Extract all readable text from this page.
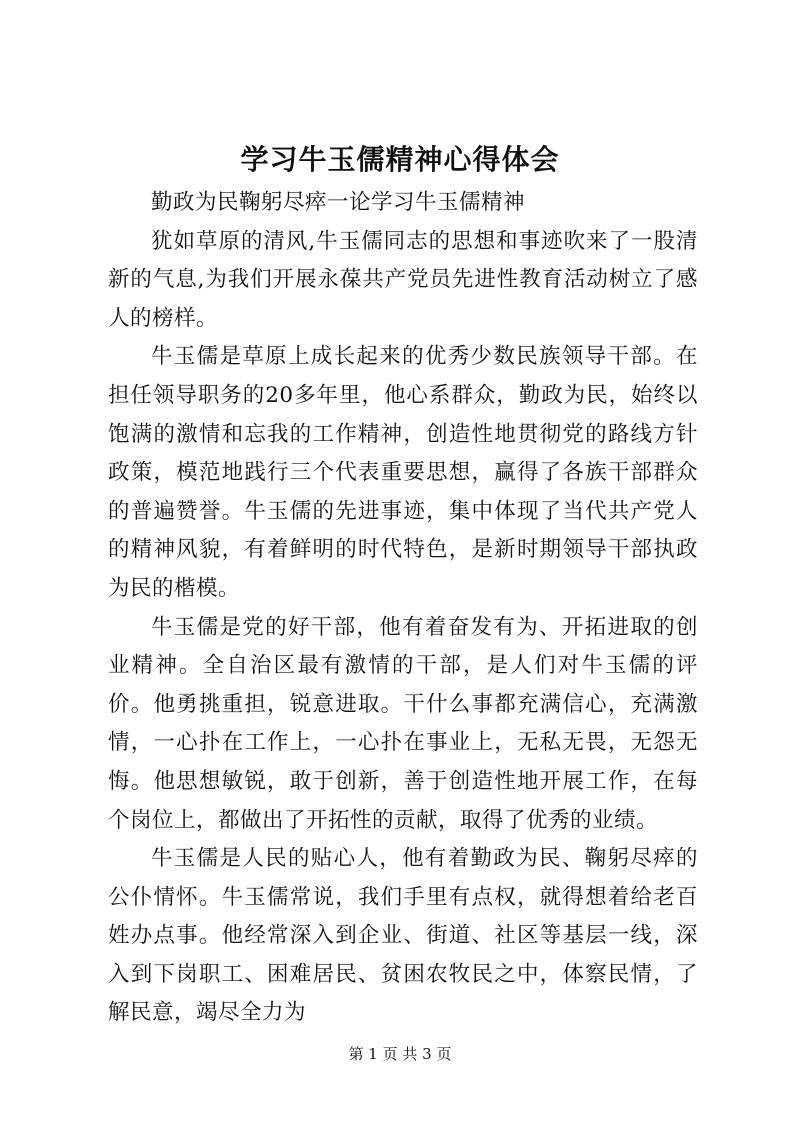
学习牛玉儒精神心得体会

勤政为民鞠躬尽瘁一论学习牛玉儒精神

犹如草原的清风,牛玉儒同志的思想和事迹吹来了一股清新的气息,为我们开展永葆共产党员先进性教育活动树立了感人的榜样。

牛玉儒是草原上成长起来的优秀少数民族领导干部。在担任领导职务的20多年里，他心系群众，勤政为民，始终以饱满的激情和忘我的工作精神，创造性地贯彻党的路线方针政策，模范地践行三个代表重要思想，赢得了各族干部群众的普遍赞誉。牛玉儒的先进事迹，集中体现了当代共产党人的精神风貌，有着鲜明的时代特色，是新时期领导干部执政为民的楷模。

牛玉儒是党的好干部，他有着奋发有为、开拓进取的创业精神。全自治区最有激情的干部，是人们对牛玉儒的评价。他勇挑重担，锐意进取。干什么事都充满信心，充满激情，一心扑在工作上，一心扑在事业上，无私无畏，无怨无悔。他思想敏锐，敢于创新，善于创造性地开展工作，在每个岗位上，都做出了开拓性的贡献，取得了优秀的业绩。

牛玉儒是人民的贴心人，他有着勤政为民、鞠躬尽瘁的公仆情怀。牛玉儒常说，我们手里有点权，就得想着给老百姓办点事。他经常深入到企业、街道、社区等基层一线，深入到下岗职工、困难居民、贫困农牧民之中，体察民情，了解民意，竭尽全力为

第 1 页 共 3 页
